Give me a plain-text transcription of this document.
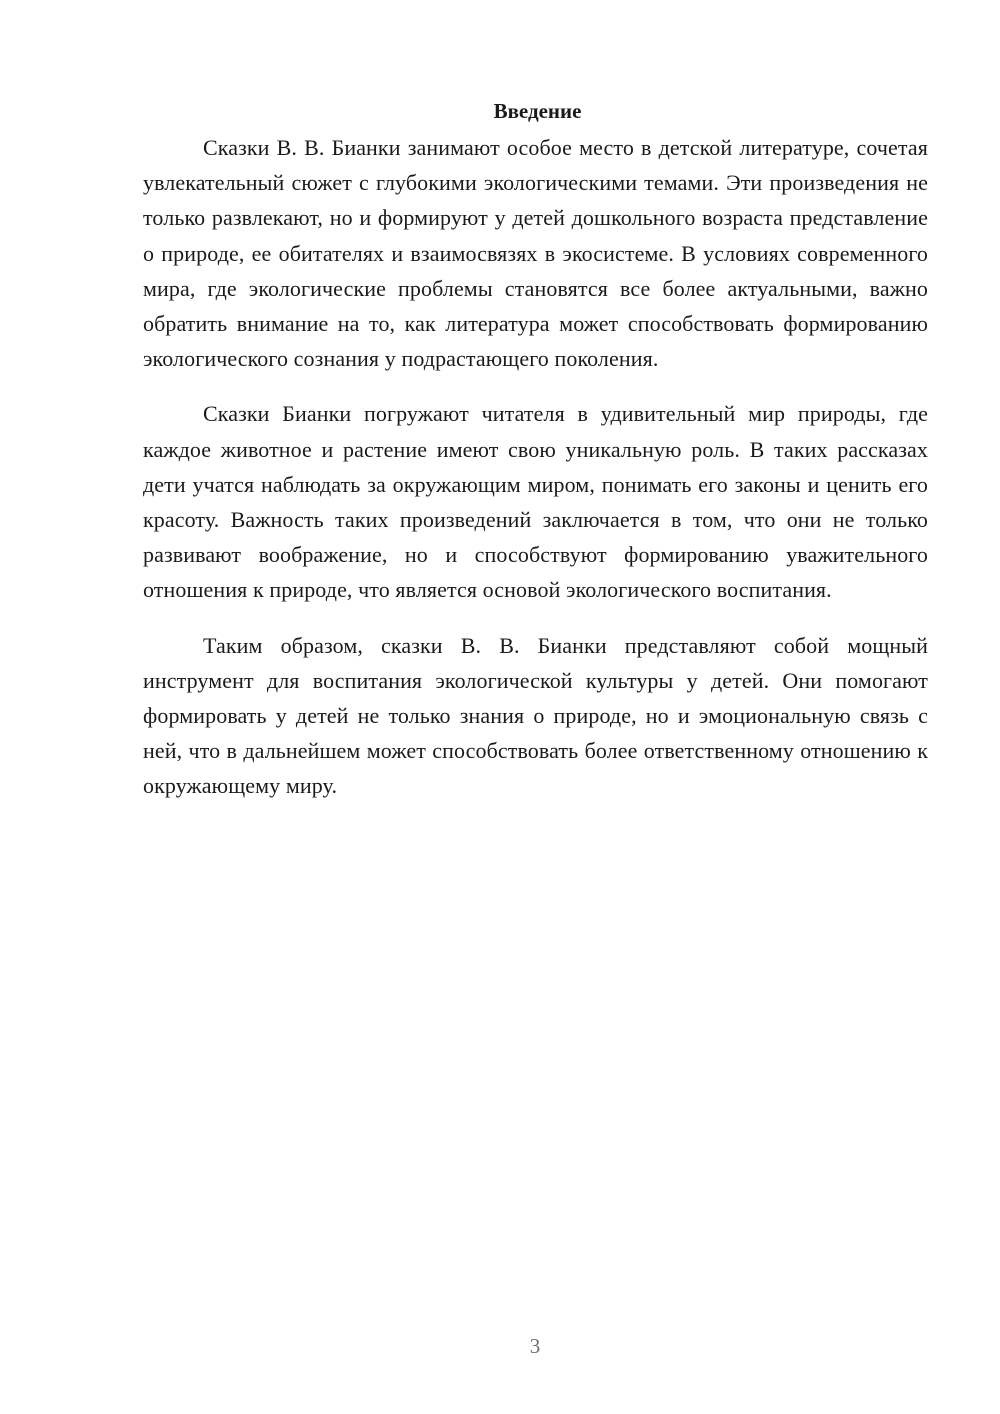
Введение

Сказки В. В. Бианки занимают особое место в детской литературе, сочетая увлекательный сюжет с глубокими экологическими темами. Эти произведения не только развлекают, но и формируют у детей дошкольного возраста представление о природе, ее обитателях и взаимосвязях в экосистеме. В условиях современного мира, где экологические проблемы становятся все более актуальными, важно обратить внимание на то, как литература может способствовать формированию экологического сознания у подрастающего поколения.

Сказки Бианки погружают читателя в удивительный мир природы, где каждое животное и растение имеют свою уникальную роль. В таких рассказах дети учатся наблюдать за окружающим миром, понимать его законы и ценить его красоту. Важность таких произведений заключается в том, что они не только развивают воображение, но и способствуют формированию уважительного отношения к природе, что является основой экологического воспитания.

Таким образом, сказки В. В. Бианки представляют собой мощный инструмент для воспитания экологической культуры у детей. Они помогают формировать у детей не только знания о природе, но и эмоциональную связь с ней, что в дальнейшем может способствовать более ответственному отношению к окружающему миру.

3
